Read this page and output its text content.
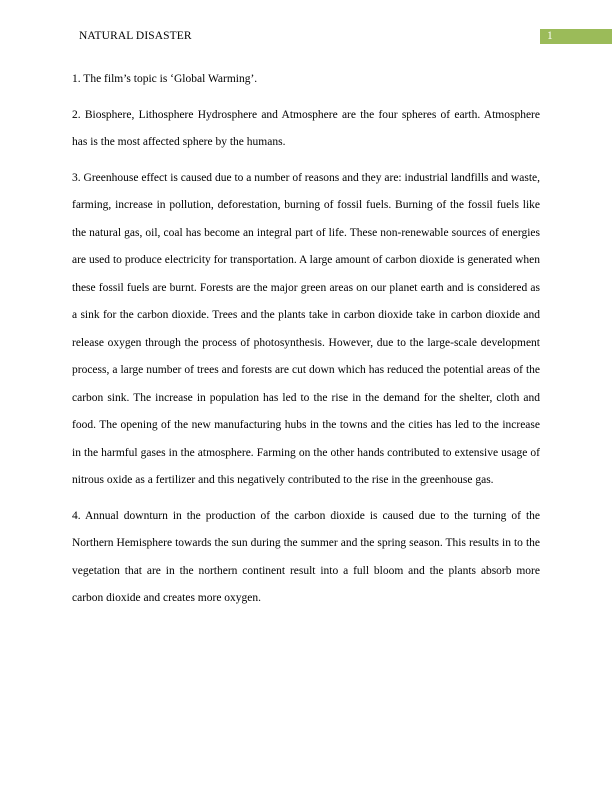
NATURAL DISASTER	1

1. The film’s topic is ‘Global Warming’.

2. Biosphere, Lithosphere Hydrosphere and Atmosphere are the four spheres of earth. Atmosphere has is the most affected sphere by the humans.

3. Greenhouse effect is caused due to a number of reasons and they are: industrial landfills and waste, farming, increase in pollution, deforestation, burning of fossil fuels. Burning of the fossil fuels like the natural gas, oil, coal has become an integral part of life. These non-renewable sources of energies are used to produce electricity for transportation. A large amount of carbon dioxide is generated when these fossil fuels are burnt. Forests are the major green areas on our planet earth and is considered as a sink for the carbon dioxide. Trees and the plants take in carbon dioxide take in carbon dioxide and release oxygen through the process of photosynthesis. However, due to the large-scale development process, a large number of trees and forests are cut down which has reduced the potential areas of the carbon sink. The increase in population has led to the rise in the demand for the shelter, cloth and food. The opening of the new manufacturing hubs in the towns and the cities has led to the increase in the harmful gases in the atmosphere. Farming on the other hands contributed to extensive usage of nitrous oxide as a fertilizer and this negatively contributed to the rise in the greenhouse gas.

4. Annual downturn in the production of the carbon dioxide is caused due to the turning of the Northern Hemisphere towards the sun during the summer and the spring season. This results in to the vegetation that are in the northern continent result into a full bloom and the plants absorb more carbon dioxide and creates more oxygen.
